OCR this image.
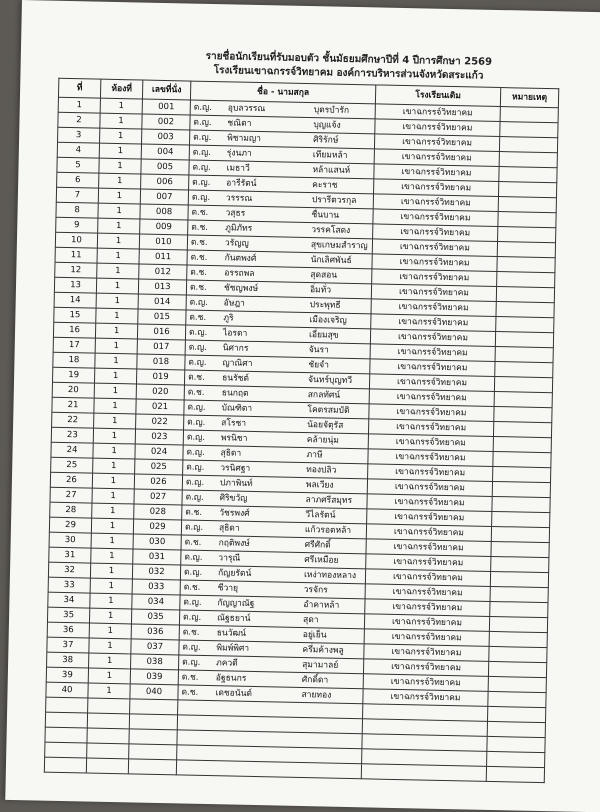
รายชื่อนักเรียนที่รับมอบตัว ชั้นมัธยมศึกษาปีที่ 4 ปีการศึกษา 2569
โรงเรียนเขาฉกรรจ์วิทยาคม องค์การบริหารส่วนจังหวัดสระแก้ว
ที่	ห้องที่	เลขที่นั่ง	ชื่อ - นามสกุล	โรงเรียนเดิม	หมายเหตุ
1	1	001	ด.ญ. อุบลวรรณ บุตรบำรัก	เขาฉกรรจ์วิทยาคม	
2	1	002	ด.ญ. ชณิดา บุญแจ้ง	เขาฉกรรจ์วิทยาคม	
3	1	003	ด.ญ. พิชามญา ศิริรักษ์	เขาฉกรรจ์วิทยาคม	
4	1	004	ด.ญ. รุ่งนภา เทียมหล้า	เขาฉกรรจ์วิทยาคม	
5	1	005	ด.ญ. เมธาวี หล้าแสนห์	เขาฉกรรจ์วิทยาคม	
6	1	006	ด.ญ. อารีรัตน์ คะราช	เขาฉกรรจ์วิทยาคม	
7	1	007	ด.ญ. วรรรณ ปรารีตวรกุล	เขาฉกรรจ์วิทยาคม	
8	1	008	ด.ช. วสุธร ชื่นบาน	เขาฉกรรจ์วิทยาคม	
9	1	009	ด.ช. ภูมิภัทร วรรคโสดง	เขาฉกรรจ์วิทยาคม	
10	1	010	ด.ช. วรัญญู สุขเกษมสำราญ	เขาฉกรรจ์วิทยาคม	
11	1	011	ด.ช. กันตพงศ์ นักเลิศพันธ์	เขาฉกรรจ์วิทยาคม	
12	1	012	ด.ช. อรรถพล สุดสอน	เขาฉกรรจ์วิทยาคม	
13	1	013	ด.ช. ชัชญพงษ์ อิ่มทั่ว	เขาฉกรรจ์วิทยาคม	
14	1	014	ด.ญ. อัษฎา ประพุทธี	เขาฉกรรจ์วิทยาคม	
15	1	015	ด.ช. ภูริ เมืองเจริญ	เขาฉกรรจ์วิทยาคม	
16	1	016	ด.ญ. ไอรดา เอี่ยมสุข	เขาฉกรรจ์วิทยาคม	
17	1	017	ด.ญ. นิศากร จันรา	เขาฉกรรจ์วิทยาคม	
18	1	018	ด.ญ. ญาณิศา ชัยจำ	เขาฉกรรจ์วิทยาคม	
19	1	019	ด.ช. ธนรัชต์ จันทร์บุญทวี	เขาฉกรรจ์วิทยาคม	
20	1	020	ด.ช. ธนกฤต สกลทัศน์	เขาฉกรรจ์วิทยาคม	
21	1	021	ด.ญ. บัณฑิตา โคตรสมบัติ	เขาฉกรรจ์วิทยาคม	
22	1	022	ด.ญ. สโรชา น้อยจัตุรัส	เขาฉกรรจ์วิทยาคม	
23	1	023	ด.ญ. พรนิชา คล้ายนุ่ม	เขาฉกรรจ์วิทยาคม	
24	1	024	ด.ญ. สุธิดา ภาษี	เขาฉกรรจ์วิทยาคม	
25	1	025	ด.ญ. วรนิศฐา ทองปลิว	เขาฉกรรจ์วิทยาคม	
26	1	026	ด.ญ. ปภาพินท์ พลเวียง	เขาฉกรรจ์วิทยาคม	
27	1	027	ด.ญ. ศิริขวัญ ลาภศรีสมุทร	เขาฉกรรจ์วิทยาคม	
28	1	028	ด.ช. วัชรพงศ์ วีไลรัตน์	เขาฉกรรจ์วิทยาคม	
29	1	029	ด.ญ. สุธิดา แก้วรอดหล้า	เขาฉกรรจ์วิทยาคม	
30	1	030	ด.ช. กฤติพงษ์ ศรีศักดิ์	เขาฉกรรจ์วิทยาคม	
31	1	031	ด.ญ. วารุณี ศรีเหมือย	เขาฉกรรจ์วิทยาคม	
32	1	032	ด.ญ. กัญยรัตน์ เหง่าทองหลาง	เขาฉกรรจ์วิทยาคม	
33	1	033	ด.ช. ชีวายุ วรจักร	เขาฉกรรจ์วิทยาคม	
34	1	034	ด.ญ. กัญญาณัฐ อำคาหล้า	เขาฉกรรจ์วิทยาคม	
35	1	035	ด.ญ. ณัฐธยาน์ สุดา	เขาฉกรรจ์วิทยาคม	
36	1	036	ด.ช. ธนวัฒน์ อยู่เย็น	เขาฉกรรจ์วิทยาคม	
37	1	037	ด.ญ. พิมพ์พิศา ครึ่มค้างพลู	เขาฉกรรจ์วิทยาคม	
38	1	038	ด.ญ. ภควดี สุมามาลย์	เขาฉกรรจ์วิทยาคม	
39	1	039	ด.ช. อัฐธนกร ศักดิ์ดา	เขาฉกรรจ์วิทยาคม	
40	1	040	ด.ช. เดชอนันต์ สายทอง	เขาฉกรรจ์วิทยาคม	
